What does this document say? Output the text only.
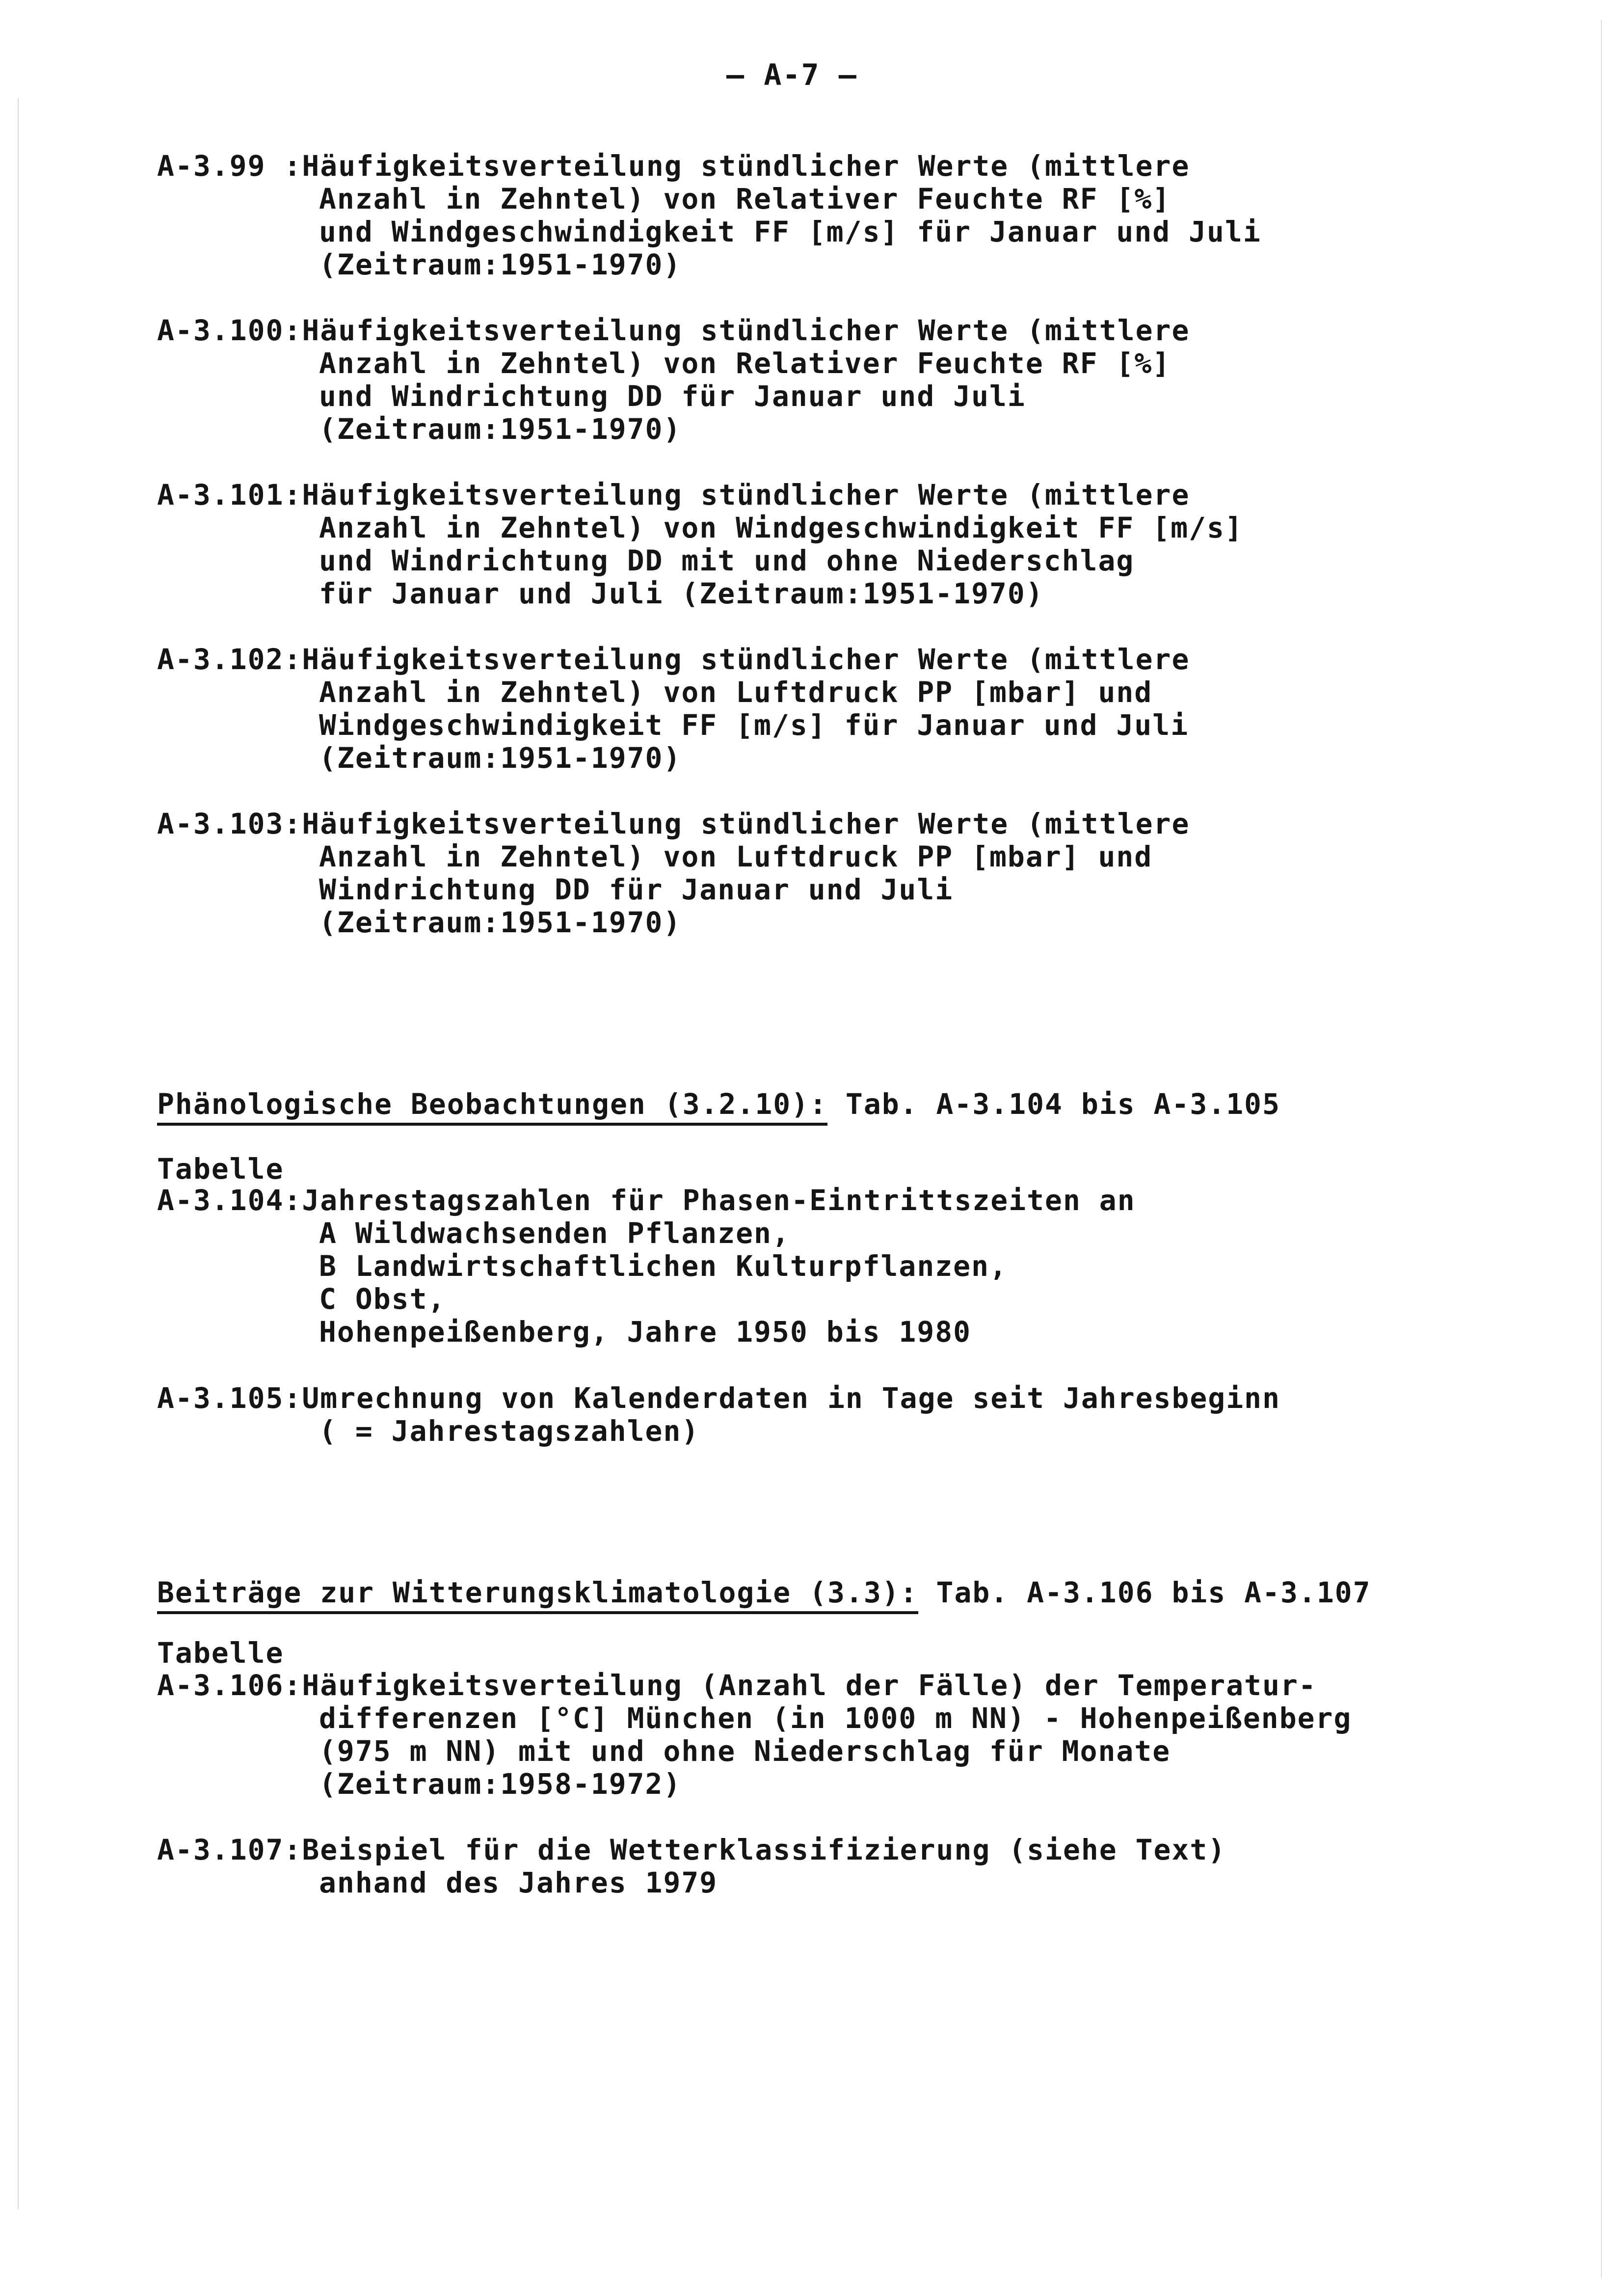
— A-7 —
A-3.99 : Häufigkeitsverteilung stündlicher Werte (mittlere
Anzahl in Zehntel) von Relativer Feuchte RF [%]
und Windgeschwindigkeit FF [m/s] für Januar und Juli
(Zeitraum:1951-1970)
A-3.100: Häufigkeitsverteilung stündlicher Werte (mittlere
Anzahl in Zehntel) von Relativer Feuchte RF [%]
und Windrichtung DD für Januar und Juli
(Zeitraum:1951-1970)
A-3.101: Häufigkeitsverteilung stündlicher Werte (mittlere
Anzahl in Zehntel) von Windgeschwindigkeit FF [m/s]
und Windrichtung DD mit und ohne Niederschlag
für Januar und Juli (Zeitraum:1951-1970)
A-3.102: Häufigkeitsverteilung stündlicher Werte (mittlere
Anzahl in Zehntel) von Luftdruck PP [mbar] und
Windgeschwindigkeit FF [m/s] für Januar und Juli
(Zeitraum:1951-1970)
A-3.103: Häufigkeitsverteilung stündlicher Werte (mittlere
Anzahl in Zehntel) von Luftdruck PP [mbar] und
Windrichtung DD für Januar und Juli
(Zeitraum:1951-1970)
Phänologische Beobachtungen (3.2.10): Tab. A-3.104 bis A-3.105
Tabelle
A-3.104: Jahrestagszahlen für Phasen-Eintrittszeiten an
A Wildwachsenden Pflanzen,
B Landwirtschaftlichen Kulturpflanzen,
C Obst,
Hohenpeißenberg, Jahre 1950 bis 1980
A-3.105: Umrechnung von Kalenderdaten in Tage seit Jahresbeginn
( = Jahrestagszahlen)
Beiträge zur Witterungsklimatologie (3.3): Tab. A-3.106 bis A-3.107
Tabelle
A-3.106: Häufigkeitsverteilung (Anzahl der Fälle) der Temperatur-
differenzen [°C] München (in 1000 m NN) - Hohenpeißenberg
(975 m NN) mit und ohne Niederschlag für Monate
(Zeitraum:1958-1972)
A-3.107: Beispiel für die Wetterklassifizierung (siehe Text)
anhand des Jahres 1979
